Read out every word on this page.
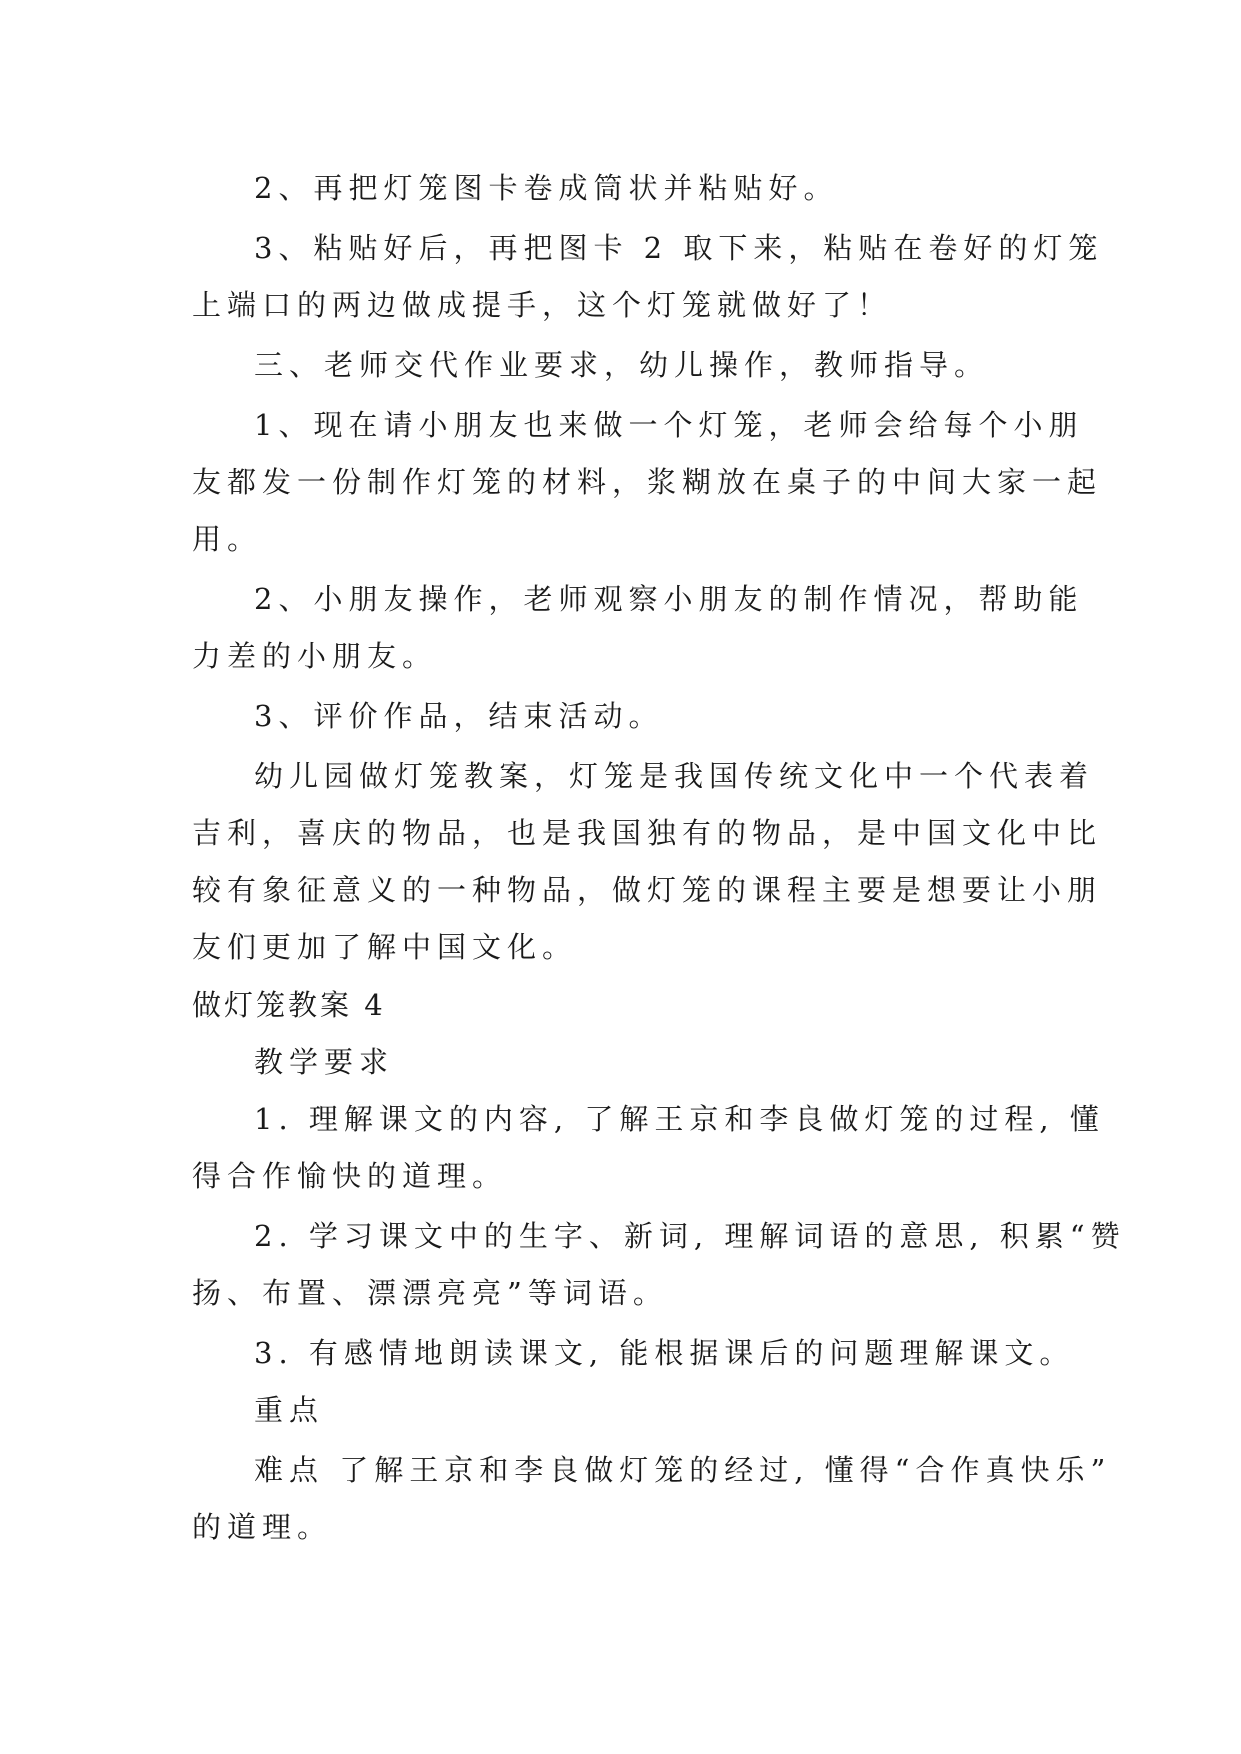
2、再把灯笼图卡卷成筒状并粘贴好。
3、粘贴好后，再把图卡 2 取下来，粘贴在卷好的灯笼
上端口的两边做成提手，这个灯笼就做好了！
三、老师交代作业要求，幼儿操作，教师指导。
1、现在请小朋友也来做一个灯笼，老师会给每个小朋
友都发一份制作灯笼的材料，浆糊放在桌子的中间大家一起
用。
2、小朋友操作，老师观察小朋友的制作情况，帮助能
力差的小朋友。
3、评价作品，结束活动。
幼儿园做灯笼教案，灯笼是我国传统文化中一个代表着
吉利，喜庆的物品，也是我国独有的物品，是中国文化中比
较有象征意义的一种物品，做灯笼的课程主要是想要让小朋
友们更加了解中国文化。
做灯笼教案 4
教学要求
1. 理解课文的内容, 了解王京和李良做灯笼的过程, 懂
得合作愉快的道理。
2. 学习课文中的生字、新词, 理解词语的意思, 积累“赞
扬、布置、漂漂亮亮”等词语。
3. 有感情地朗读课文, 能根据课后的问题理解课文。
重点
难点 了解王京和李良做灯笼的经过, 懂得“合作真快乐”
的道理。
